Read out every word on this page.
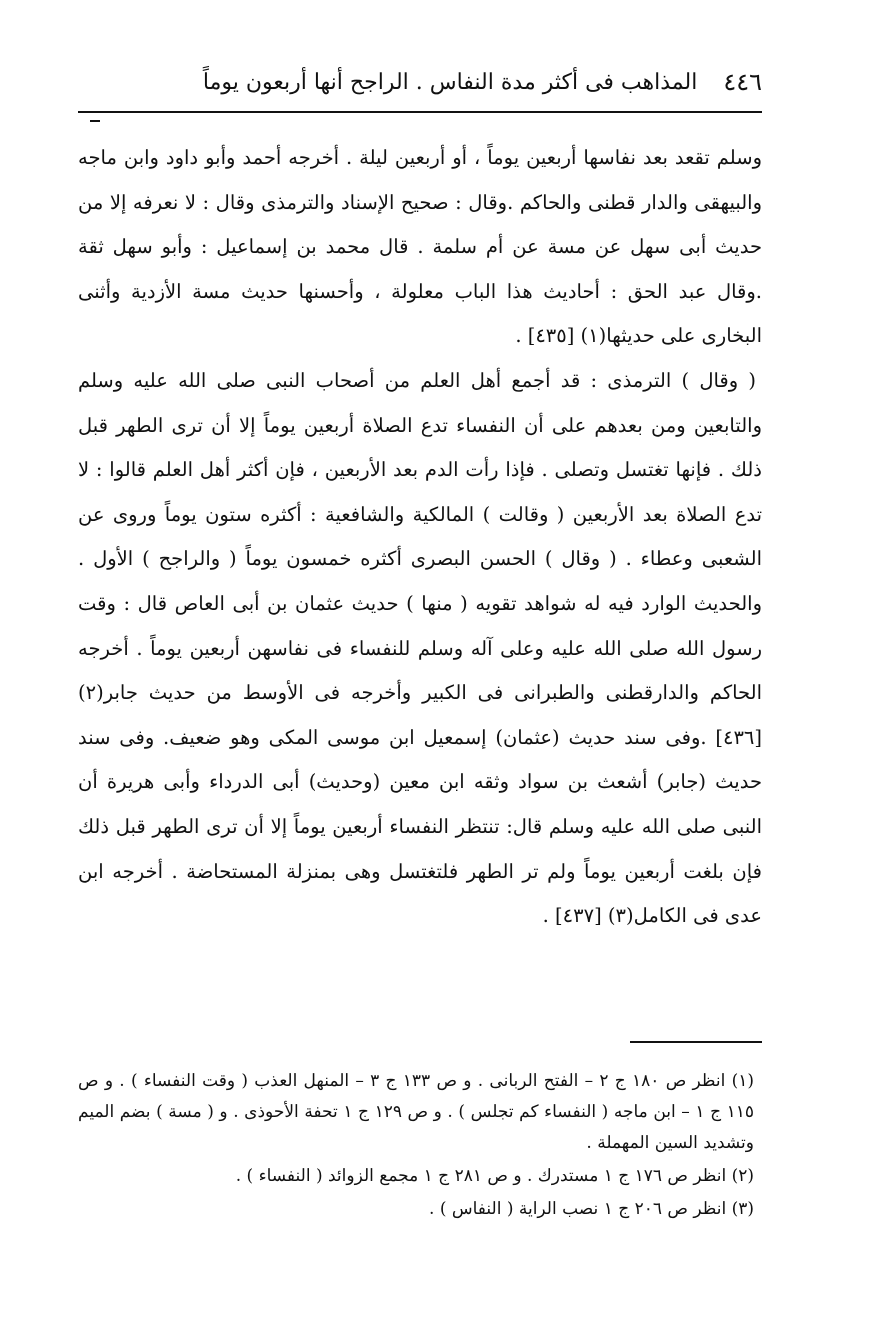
٤٤٦
المذاهب فى أكثر مدة النفاس . الراجح أنها أربعون يوماً

وسلم تقعد بعد نفاسها أربعين يوماً ، أو أربعين ليلة . أخرجه أحمد وأبو داود وابن ماجه والبيهقى والدار قطنى والحاكم .وقال : صحيح الإسناد والترمذى وقال : لا نعرفه إلا من حديث أبى سهل عن مسة عن أم سلمة . قال محمد بن إسماعيل : وأبو سهل ثقة .وقال عبد الحق : أحاديث هذا الباب معلولة ، وأحسنها حديث مسة الأزدية وأثنى البخارى على حديثها(١) [٤٣٥] .

( وقال ) الترمذى : قد أجمع أهل العلم من أصحاب النبى صلى الله عليه وسلم والتابعين ومن بعدهم على أن النفساء تدع الصلاة أربعين يوماً إلا أن ترى الطهر قبل ذلك . فإنها تغتسل وتصلى . فإذا رأت الدم بعد الأربعين ، فإن أكثر أهل العلم قالوا : لا تدع الصلاة بعد الأربعين ( وقالت ) المالكية والشافعية : أكثره ستون يوماً وروى عن الشعبى وعطاء . ( وقال ) الحسن البصرى أكثره خمسون يوماً ( والراجح ) الأول . والحديث الوارد فيه له شواهد تقويه ( منها ) حديث عثمان بن أبى العاص قال : وقت رسول الله صلى الله عليه وعلى آله وسلم للنفساء فى نفاسهن أربعين يوماً . أخرجه الحاكم والدارقطنى والطبرانى فى الكبير وأخرجه فى الأوسط من حديث جابر(٢) [٤٣٦] .وفى سند حديث (عثمان) إسمعيل ابن موسى المكى وهو ضعيف. وفى سند حديث (جابر) أشعث بن سواد وثقه ابن معين (وحديث) أبى الدرداء وأبى هريرة أن النبى صلى الله عليه وسلم قال: تنتظر النفساء أربعين يوماً إلا أن ترى الطهر قبل ذلك فإن بلغت أربعين يوماً ولم تر الطهر فلتغتسل وهى بمنزلة المستحاضة . أخرجه ابن عدى فى الكامل(٣) [٤٣٧] .

(١) انظر ص ١٨٠ ج ٢ – الفتح الربانى . و ص ١٣٣ ج ٣ – المنهل العذب ( وقت النفساء ) . و ص ١١٥ ج ١ – ابن ماجه ( النفساء كم تجلس ) . و ص ١٢٩ ج ١ تحفة الأحوذى . و ( مسة ) بضم الميم وتشديد السين المهملة .

(٢) انظر ص ١٧٦ ج ١ مستدرك . و ص ٢٨١ ج ١ مجمع الزوائد ( النفساء ) .

(٣) انظر ص ٢٠٦ ج ١ نصب الراية ( النفاس ) .
